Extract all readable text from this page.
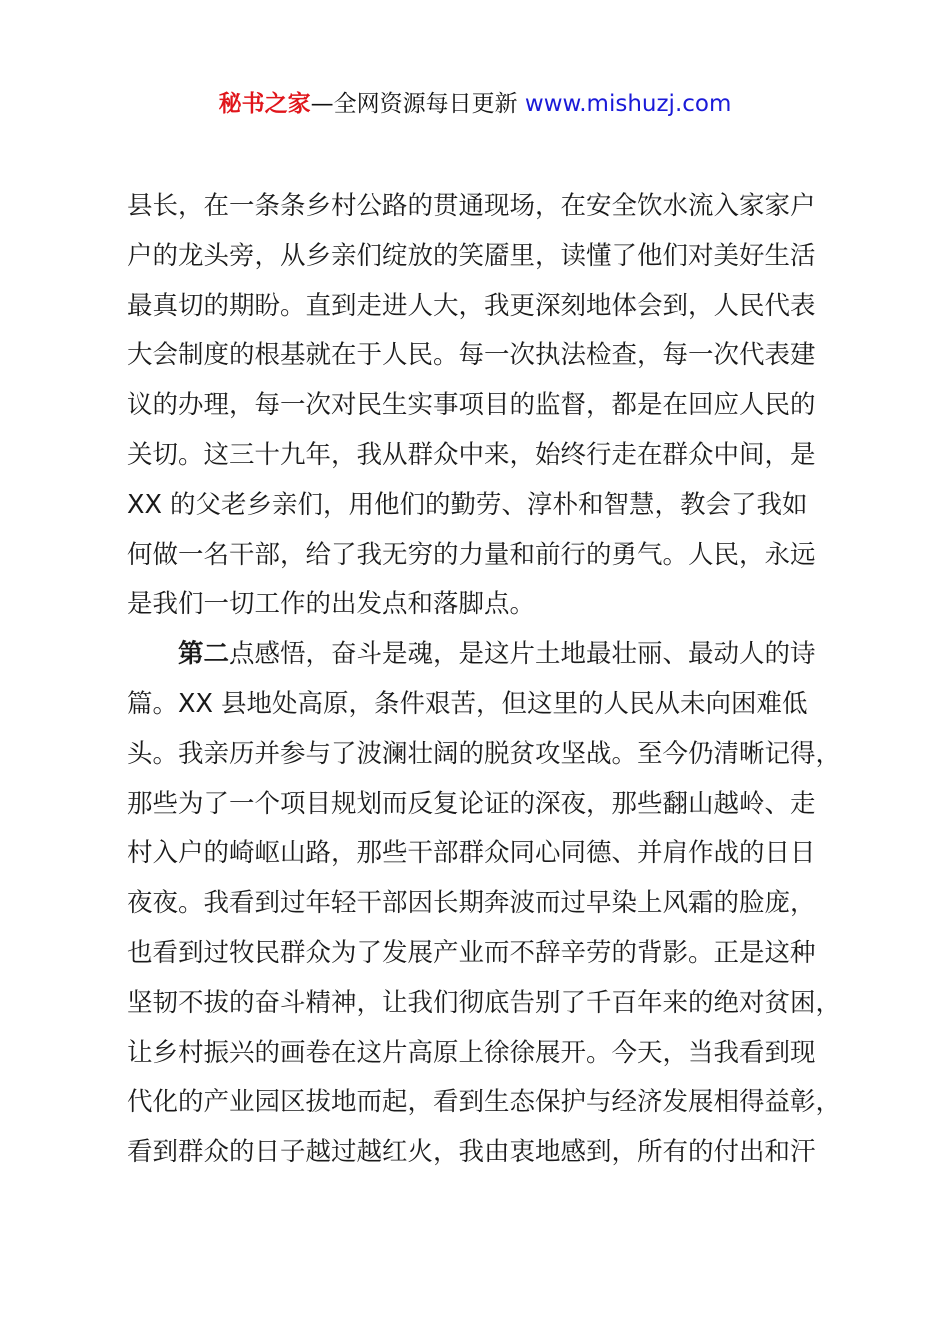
秘书之家—全网资源每日更新 www.mishuzj.com
县长，在一条条乡村公路的贯通现场，在安全饮水流入家家户
户的龙头旁，从乡亲们绽放的笑靥里，读懂了他们对美好生活
最真切的期盼。直到走进人大，我更深刻地体会到，人民代表
大会制度的根基就在于人民。每一次执法检查，每一次代表建
议的办理，每一次对民生实事项目的监督，都是在回应人民的
关切。这三十九年，我从群众中来，始终行走在群众中间，是
XX 的父老乡亲们，用他们的勤劳、淳朴和智慧，教会了我如
何做一名干部，给了我无穷的力量和前行的勇气。人民，永远
是我们一切工作的出发点和落脚点。
第二点感悟，奋斗是魂，是这片土地最壮丽、最动人的诗
篇。XX 县地处高原，条件艰苦，但这里的人民从未向困难低
头。我亲历并参与了波澜壮阔的脱贫攻坚战。至今仍清晰记得，
那些为了一个项目规划而反复论证的深夜，那些翻山越岭、走
村入户的崎岖山路，那些干部群众同心同德、并肩作战的日日
夜夜。我看到过年轻干部因长期奔波而过早染上风霜的脸庞，
也看到过牧民群众为了发展产业而不辞辛劳的背影。正是这种
坚韧不拔的奋斗精神，让我们彻底告别了千百年来的绝对贫困，
让乡村振兴的画卷在这片高原上徐徐展开。今天，当我看到现
代化的产业园区拔地而起，看到生态保护与经济发展相得益彰，
看到群众的日子越过越红火，我由衷地感到，所有的付出和汗
